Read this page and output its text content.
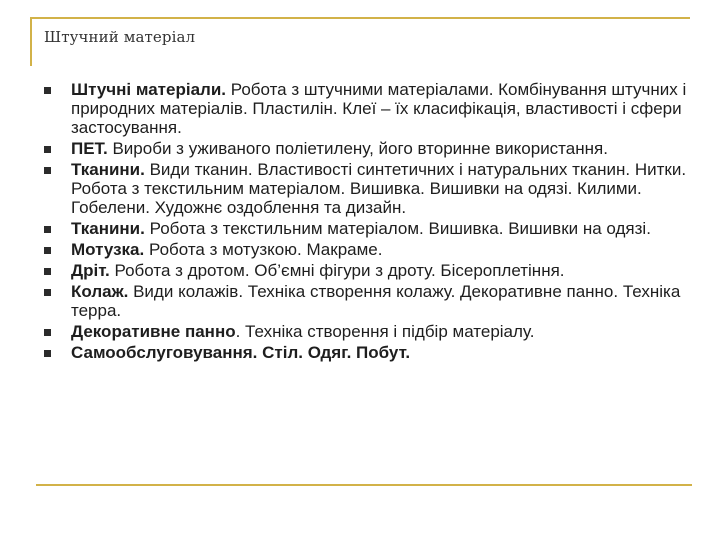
Штучний матеріал
Штучні матеріали. Робота з штучними матеріалами. Комбінування штучних і природних матеріалів. Пластилін. Клеї – їх класифікація, властивості і сфери застосування.
ПЕТ. Вироби з уживаного поліетилену, його вторинне використання.
Тканини. Види тканин. Властивості синтетичних і натуральних тканин. Нитки. Робота з текстильним матеріалом. Вишивка. Вишивки на одязі. Килими. Гобелени. Художнє оздоблення та дизайн.
Тканини. Робота з текстильним матеріалом. Вишивка. Вишивки на одязі.
Мотузка. Робота з мотузкою. Макраме.
Дріт. Робота з дротом. Об’ємні фігури з дроту. Бісероплетіння.
Колаж. Види колажів. Техніка створення колажу. Декоративне панно. Техніка терра.
Декоративне панно. Техніка створення і підбір матеріалу.
Самообслуговування. Стіл. Одяг. Побут.
